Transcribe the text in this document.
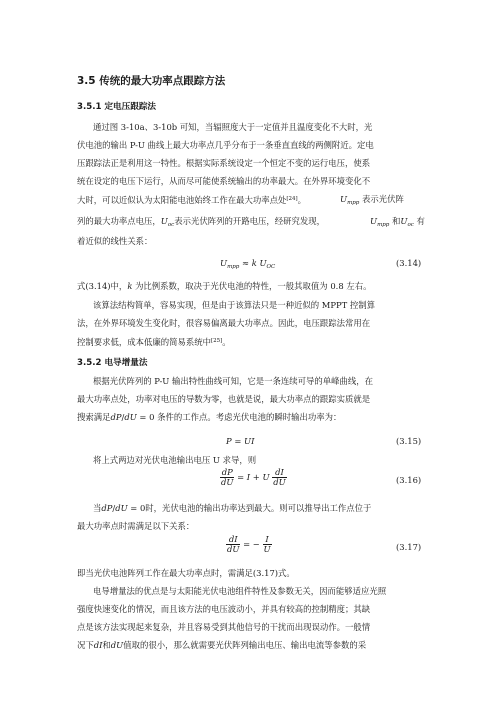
3.5 传统的最大功率点跟踪方法
3.5.1 定电压跟踪法
通过图 3-10a、3-10b 可知，当辐照度大于一定值并且温度变化不大时，光
伏电池的输出 P-U 曲线上最大功率点几乎分布于一条垂直直线的两侧附近。定电
压跟踪法正是利用这一特性。根据实际系统设定一个恒定不变的运行电压，使系
统在设定的电压下运行，从而尽可能使系统输出的功率最大。在外界环境变化不
大时，可以近似认为太阳能电池始终工作在最大功率点处[24]。	$U_{mpp}$ 表示光伏阵
列的最大功率点电压，$U_{oc}$表示光伏阵列的开路电压，经研究发现，	$U_{mpp}$ 和$U_{oc}$ 有
着近似的线性关系：
$U_{mpp} \approx k$ $U_{OC}$	(3.14)
式(3.14)中，k 为比例系数，取决于光伏电池的特性，一般其取值为 0.8 左右。
该算法结构简单，容易实现，但是由于该算法只是一种近似的 MPPT 控制算
法，在外界环境发生变化时，很容易偏离最大功率点。因此，电压跟踪法常用在
控制要求低，成本低廉的简易系统中[25]。
3.5.2 电导增量法
根据光伏阵列的 P-U 输出特性曲线可知，它是一条连续可导的单峰曲线，在
最大功率点处，功率对电压的导数为零，也就是说，最大功率点的跟踪实质就是
搜索满足dP/dU = 0 条件的工作点。考虑光伏电池的瞬时输出功率为：
P = UI	(3.15)
将上式两边对光伏电池输出电压 U 求导，则
$\frac{dP}{dU} = I + U \frac{dI}{dU}$	(3.16)
当dP/dU = 0时，光伏电池的输出功率达到最大。则可以推导出工作点位于
最大功率点时需满足以下关系：
$\frac{dI}{dU}$ = − $\frac{I}{U}$	(3.17)
即当光伏电池阵列工作在最大功率点时，需满足(3.17)式。
电导增量法的优点是与太阳能光伏电池组件特性及参数无关，因而能够适应光照
强度快速变化的情况，而且该方法的电压波动小，并具有较高的控制精度；其缺
点是该方法实现起来复杂，并且容易受到其他信号的干扰而出现误动作。一般情
况下dI和dU值取的很小，那么就需要光伏阵列输出电压、输出电流等参数的采
